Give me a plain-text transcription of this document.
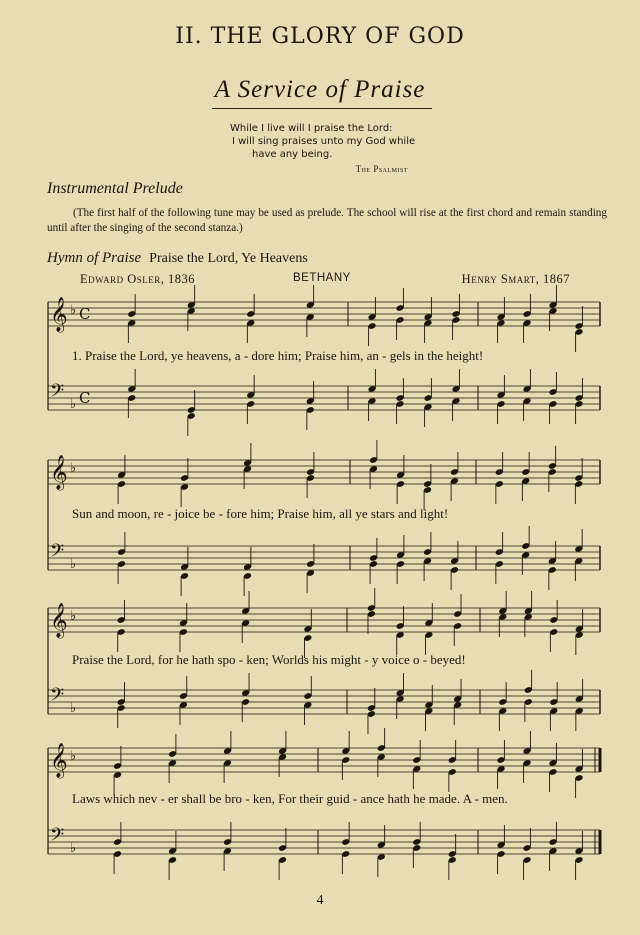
II. THE GLORY OF GOD
A Service of Praise
While I live will I praise the Lord:
I will sing praises unto my God while
have any being.
The Psalmist
Instrumental Prelude
(The first half of the following tune may be used as prelude. The school will rise at the first chord and remain standing until after the singing of the second stanza.)
Hymn of Praise Praise the Lord, Ye Heavens
Edward Osler, 1836	BETHANY	Henry Smart, 1867
𝄞 ♭ C
𝄢 ♭ C
𝄞 ♭
𝄢 ♭
𝄞 ♭
𝄢 ♭
𝄞 ♭
𝄢 ♭
1. Praise the Lord, ye heavens, a - dore him; Praise him, an - gels in the height!
Sun and moon, re - joice be - fore him; Praise him, all ye stars and light!
Praise the Lord, for he hath spo - ken; Worlds his might - y voice o - beyed!
Laws which nev - er shall be bro - ken, For their guid - ance hath he made. A - men.
4
